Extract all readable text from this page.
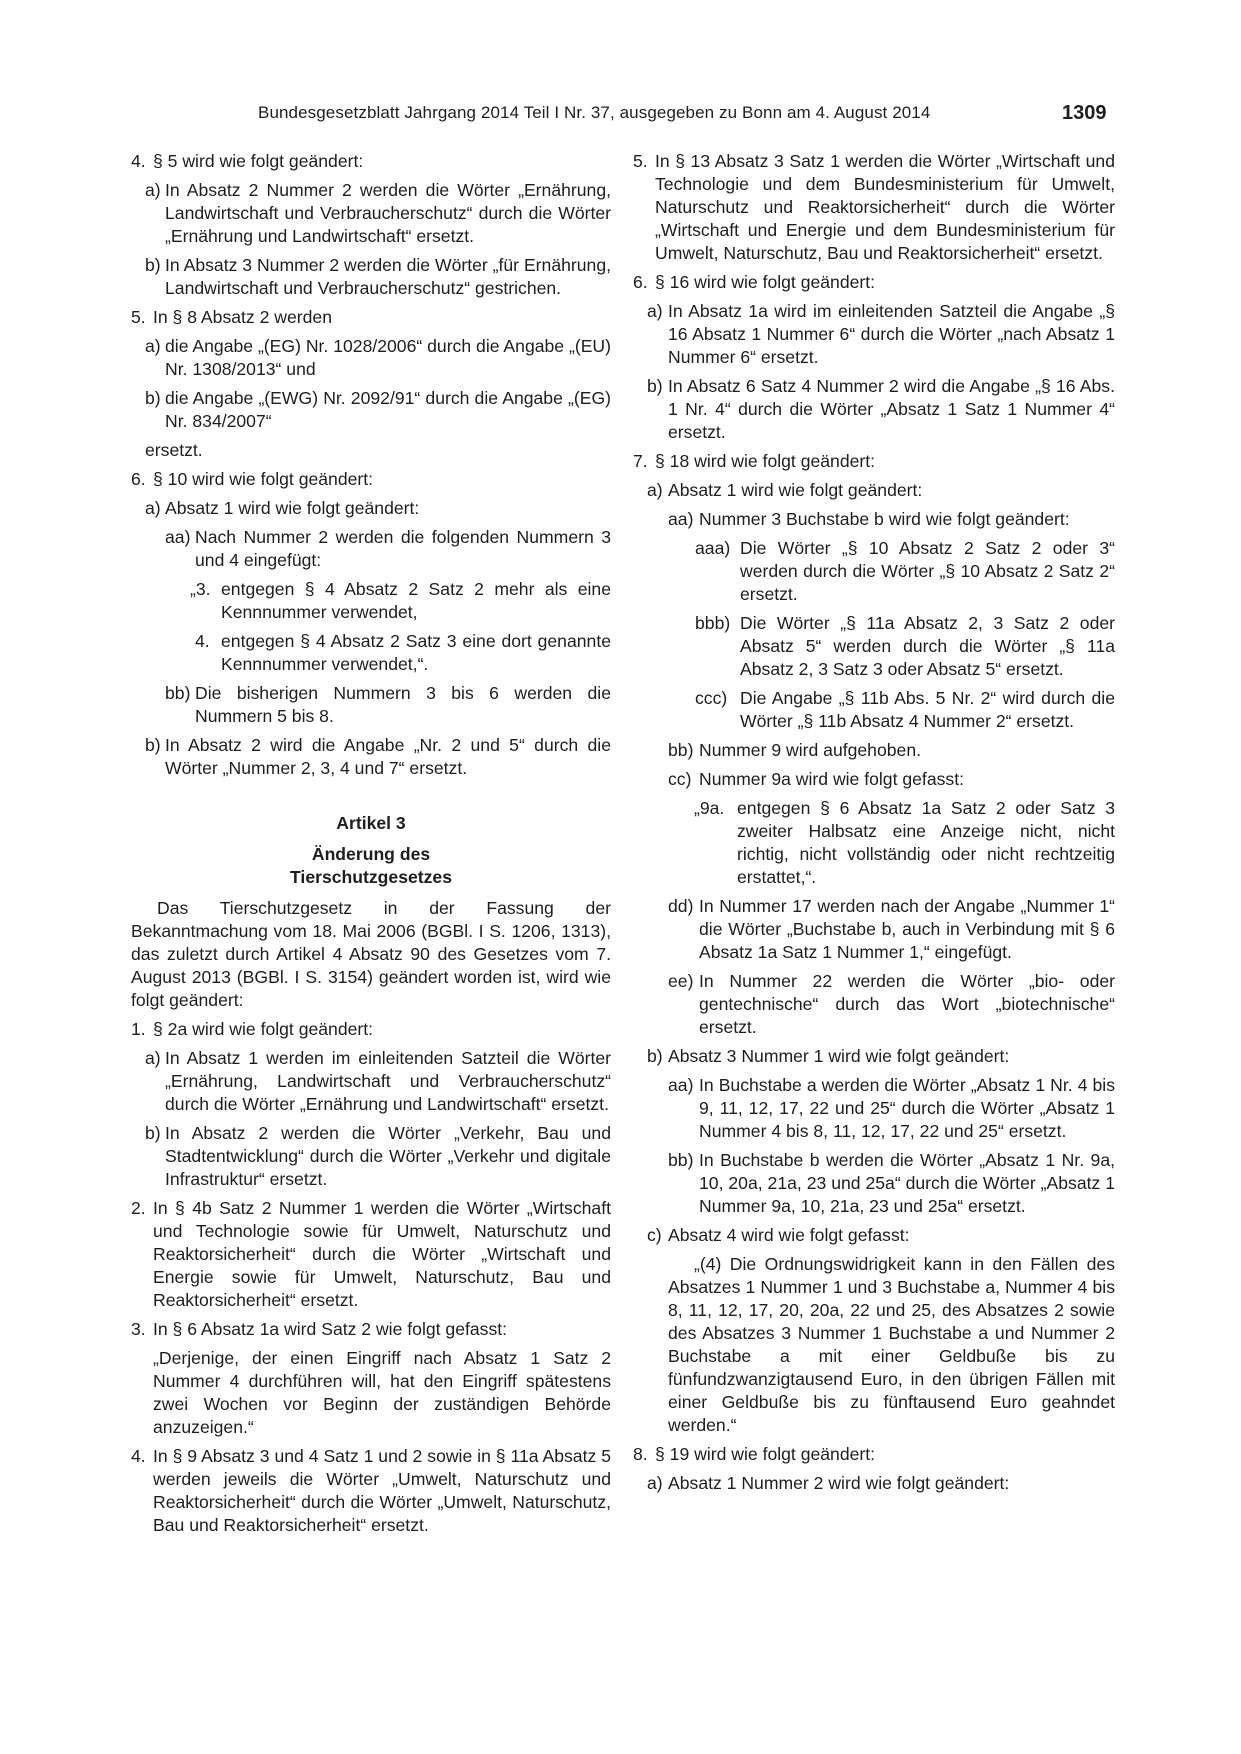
Bundesgesetzblatt Jahrgang 2014 Teil I Nr. 37, ausgegeben zu Bonn am 4. August 2014	1309
4. § 5 wird wie folgt geändert:
a) In Absatz 2 Nummer 2 werden die Wörter „Ernährung, Landwirtschaft und Verbraucherschutz“ durch die Wörter „Ernährung und Landwirtschaft“ ersetzt.
b) In Absatz 3 Nummer 2 werden die Wörter „für Ernährung, Landwirtschaft und Verbraucherschutz“ gestrichen.
5. In § 8 Absatz 2 werden
a) die Angabe „(EG) Nr. 1028/2006“ durch die Angabe „(EU) Nr. 1308/2013“ und
b) die Angabe „(EWG) Nr. 2092/91“ durch die Angabe „(EG) Nr. 834/2007“
ersetzt.
6. § 10 wird wie folgt geändert:
a) Absatz 1 wird wie folgt geändert:
aa) Nach Nummer 2 werden die folgenden Nummern 3 und 4 eingefügt:
„3. entgegen § 4 Absatz 2 Satz 2 mehr als eine Kennnummer verwendet,
4. entgegen § 4 Absatz 2 Satz 3 eine dort genannte Kennnummer verwendet,“.
bb) Die bisherigen Nummern 3 bis 6 werden die Nummern 5 bis 8.
b) In Absatz 2 wird die Angabe „Nr. 2 und 5“ durch die Wörter „Nummer 2, 3, 4 und 7“ ersetzt.
Artikel 3
Änderung des Tierschutzgesetzes
Das Tierschutzgesetz in der Fassung der Bekanntmachung vom 18. Mai 2006 (BGBl. I S. 1206, 1313), das zuletzt durch Artikel 4 Absatz 90 des Gesetzes vom 7. August 2013 (BGBl. I S. 3154) geändert worden ist, wird wie folgt geändert:
1. § 2a wird wie folgt geändert:
a) In Absatz 1 werden im einleitenden Satzteil die Wörter „Ernährung, Landwirtschaft und Verbraucherschutz“ durch die Wörter „Ernährung und Landwirtschaft“ ersetzt.
b) In Absatz 2 werden die Wörter „Verkehr, Bau und Stadtentwicklung“ durch die Wörter „Verkehr und digitale Infrastruktur“ ersetzt.
2. In § 4b Satz 2 Nummer 1 werden die Wörter „Wirtschaft und Technologie sowie für Umwelt, Naturschutz und Reaktorsicherheit“ durch die Wörter „Wirtschaft und Energie sowie für Umwelt, Naturschutz, Bau und Reaktorsicherheit“ ersetzt.
3. In § 6 Absatz 1a wird Satz 2 wie folgt gefasst:
„Derjenige, der einen Eingriff nach Absatz 1 Satz 2 Nummer 4 durchführen will, hat den Eingriff spätestens zwei Wochen vor Beginn der zuständigen Behörde anzuzeigen.“
4. In § 9 Absatz 3 und 4 Satz 1 und 2 sowie in § 11a Absatz 5 werden jeweils die Wörter „Umwelt, Naturschutz und Reaktorsicherheit“ durch die Wörter „Umwelt, Naturschutz, Bau und Reaktorsicherheit“ ersetzt.
5. In § 13 Absatz 3 Satz 1 werden die Wörter „Wirtschaft und Technologie und dem Bundesministerium für Umwelt, Naturschutz und Reaktorsicherheit“ durch die Wörter „Wirtschaft und Energie und dem Bundesministerium für Umwelt, Naturschutz, Bau und Reaktorsicherheit“ ersetzt.
6. § 16 wird wie folgt geändert:
a) In Absatz 1a wird im einleitenden Satzteil die Angabe „§ 16 Absatz 1 Nummer 6“ durch die Wörter „nach Absatz 1 Nummer 6“ ersetzt.
b) In Absatz 6 Satz 4 Nummer 2 wird die Angabe „§ 16 Abs. 1 Nr. 4“ durch die Wörter „Absatz 1 Satz 1 Nummer 4“ ersetzt.
7. § 18 wird wie folgt geändert:
a) Absatz 1 wird wie folgt geändert:
aa) Nummer 3 Buchstabe b wird wie folgt geändert:
aaa) Die Wörter „§ 10 Absatz 2 Satz 2 oder 3“ werden durch die Wörter „§ 10 Absatz 2 Satz 2“ ersetzt.
bbb) Die Wörter „§ 11a Absatz 2, 3 Satz 2 oder Absatz 5“ werden durch die Wörter „§ 11a Absatz 2, 3 Satz 3 oder Absatz 5“ ersetzt.
ccc) Die Angabe „§ 11b Abs. 5 Nr. 2“ wird durch die Wörter „§ 11b Absatz 4 Nummer 2“ ersetzt.
bb) Nummer 9 wird aufgehoben.
cc) Nummer 9a wird wie folgt gefasst:
„9a. entgegen § 6 Absatz 1a Satz 2 oder Satz 3 zweiter Halbsatz eine Anzeige nicht, nicht richtig, nicht vollständig oder nicht rechtzeitig erstattet,“.
dd) In Nummer 17 werden nach der Angabe „Nummer 1“ die Wörter „Buchstabe b, auch in Verbindung mit § 6 Absatz 1a Satz 1 Nummer 1,“ eingefügt.
ee) In Nummer 22 werden die Wörter „bio- oder gentechnische“ durch das Wort „biotechnische“ ersetzt.
b) Absatz 3 Nummer 1 wird wie folgt geändert:
aa) In Buchstabe a werden die Wörter „Absatz 1 Nr. 4 bis 9, 11, 12, 17, 22 und 25“ durch die Wörter „Absatz 1 Nummer 4 bis 8, 11, 12, 17, 22 und 25“ ersetzt.
bb) In Buchstabe b werden die Wörter „Absatz 1 Nr. 9a, 10, 20a, 21a, 23 und 25a“ durch die Wörter „Absatz 1 Nummer 9a, 10, 21a, 23 und 25a“ ersetzt.
c) Absatz 4 wird wie folgt gefasst:
„(4) Die Ordnungswidrigkeit kann in den Fällen des Absatzes 1 Nummer 1 und 3 Buchstabe a, Nummer 4 bis 8, 11, 12, 17, 20, 20a, 22 und 25, des Absatzes 2 sowie des Absatzes 3 Nummer 1 Buchstabe a und Nummer 2 Buchstabe a mit einer Geldbuße bis zu fünfundzwanzigtausend Euro, in den übrigen Fällen mit einer Geldbuße bis zu fünftausend Euro geahndet werden.“
8. § 19 wird wie folgt geändert:
a) Absatz 1 Nummer 2 wird wie folgt geändert:
